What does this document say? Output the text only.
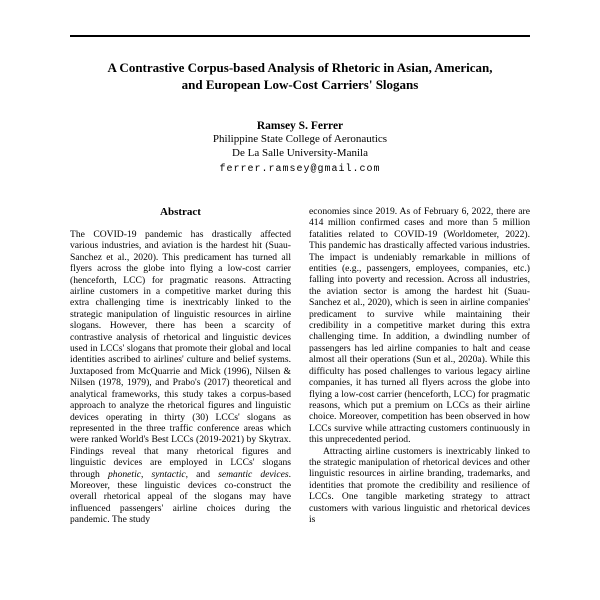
A Contrastive Corpus-based Analysis of Rhetoric in Asian, American,
and European Low-Cost Carriers' Slogans
Ramsey S. Ferrer
Philippine State College of Aeronautics
De La Salle University-Manila
ferrer.ramsey@gmail.com
Abstract

The COVID-19 pandemic has drastically affected various industries, and aviation is the hardest hit (Suau-Sanchez et al., 2020). This predicament has turned all flyers across the globe into flying a low-cost carrier (henceforth, LCC) for pragmatic reasons. Attracting airline customers in a competitive market during this extra challenging time is inextricably linked to the strategic manipulation of linguistic resources in airline slogans. However, there has been a scarcity of contrastive analysis of rhetorical and linguistic devices used in LCCs' slogans that promote their global and local identities ascribed to airlines' culture and belief systems. Juxtaposed from McQuarrie and Mick (1996), Nilsen & Nilsen (1978, 1979), and Prabo's (2017) theoretical and analytical frameworks, this study takes a corpus-based approach to analyze the rhetorical figures and linguistic devices operating in thirty (30) LCCs' slogans as represented in the three traffic conference areas which were ranked World's Best LCCs (2019-2021) by Skytrax. Findings reveal that many rhetorical figures and linguistic devices are employed in LCCs' slogans through phonetic, syntactic, and semantic devices. Moreover, these linguistic devices co-construct the overall rhetorical appeal of the slogans may have influenced passengers' airline choices during the pandemic. The study

economies since 2019. As of February 6, 2022, there are 414 million confirmed cases and more than 5 million fatalities related to COVID-19 (Worldometer, 2022). This pandemic has drastically affected various industries. The impact is undeniably remarkable in millions of entities (e.g., passengers, employees, companies, etc.) falling into poverty and recession. Across all industries, the aviation sector is among the hardest hit (Suau-Sanchez et al., 2020), which is seen in airline companies' predicament to survive while maintaining their credibility in a competitive market during this extra challenging time. In addition, a dwindling number of passengers has led airline companies to halt and cease almost all their operations (Sun et al., 2020a). While this difficulty has posed challenges to various legacy airline companies, it has turned all flyers across the globe into flying a low-cost carrier (henceforth, LCC) for pragmatic reasons, which put a premium on LCCs as their airline choice. Moreover, competition has been observed in how LCCs survive while attracting customers continuously in this unprecedented period.

Attracting airline customers is inextricably linked to the strategic manipulation of rhetorical devices and other linguistic resources in airline branding, trademarks, and identities that promote the credibility and resilience of LCCs. One tangible marketing strategy to attract customers with various linguistic and rhetorical devices is
